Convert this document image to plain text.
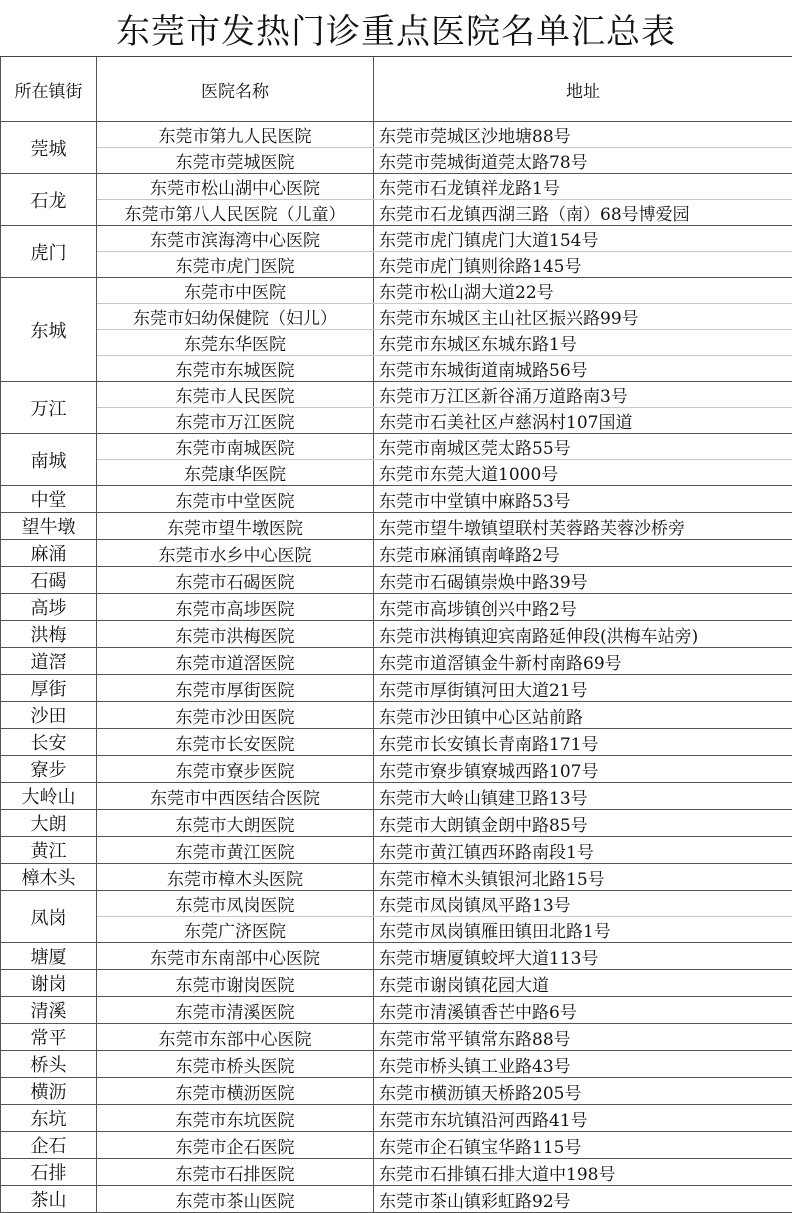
东莞市发热门诊重点医院名单汇总表
所在镇街	医院名称	地址
莞城	东莞市第九人民医院	东莞市莞城区沙地塘88号
	东莞市莞城医院	东莞市莞城街道莞太路78号
石龙	东莞市松山湖中心医院	东莞市石龙镇祥龙路1号
	东莞市第八人民医院（儿童）	东莞市石龙镇西湖三路（南）68号博爱园
虎门	东莞市滨海湾中心医院	东莞市虎门镇虎门大道154号
	东莞市虎门医院	东莞市虎门镇则徐路145号
东城	东莞市中医院	东莞市松山湖大道22号
	东莞市妇幼保健院（妇儿）	东莞市东城区主山社区振兴路99号
	东莞东华医院	东莞市东城区东城东路1号
	东莞市东城医院	东莞市东城街道南城路56号
万江	东莞市人民医院	东莞市万江区新谷涌万道路南3号
	东莞市万江医院	东莞市石美社区卢慈涡村107国道
南城	东莞市南城医院	东莞市南城区莞太路55号
	东莞康华医院	东莞市东莞大道1000号
中堂	东莞市中堂医院	东莞市中堂镇中麻路53号
望牛墩	东莞市望牛墩医院	东莞市望牛墩镇望联村芙蓉路芙蓉沙桥旁
麻涌	东莞市水乡中心医院	东莞市麻涌镇南峰路2号
石碣	东莞市石碣医院	东莞市石碣镇崇焕中路39号
高埗	东莞市高埗医院	东莞市高埗镇创兴中路2号
洪梅	东莞市洪梅医院	东莞市洪梅镇迎宾南路延伸段(洪梅车站旁)
道滘	东莞市道滘医院	东莞市道滘镇金牛新村南路69号
厚街	东莞市厚街医院	东莞市厚街镇河田大道21号
沙田	东莞市沙田医院	东莞市沙田镇中心区站前路
长安	东莞市长安医院	东莞市长安镇长青南路171号
寮步	东莞市寮步医院	东莞市寮步镇寮城西路107号
大岭山	东莞市中西医结合医院	东莞市大岭山镇建卫路13号
大朗	东莞市大朗医院	东莞市大朗镇金朗中路85号
黄江	东莞市黄江医院	东莞市黄江镇西环路南段1号
樟木头	东莞市樟木头医院	东莞市樟木头镇银河北路15号
凤岗	东莞市凤岗医院	东莞市凤岗镇凤平路13号
	东莞广济医院	东莞市凤岗镇雁田镇田北路1号
塘厦	东莞市东南部中心医院	东莞市塘厦镇蛟坪大道113号
谢岗	东莞市谢岗医院	东莞市谢岗镇花园大道
清溪	东莞市清溪医院	东莞市清溪镇香芒中路6号
常平	东莞市东部中心医院	东莞市常平镇常东路88号
桥头	东莞市桥头医院	东莞市桥头镇工业路43号
横沥	东莞市横沥医院	东莞市横沥镇天桥路205号
东坑	东莞市东坑医院	东莞市东坑镇沿河西路41号
企石	东莞市企石医院	东莞市企石镇宝华路115号
石排	东莞市石排医院	东莞市石排镇石排大道中198号
茶山	东莞市茶山医院	东莞市茶山镇彩虹路92号
